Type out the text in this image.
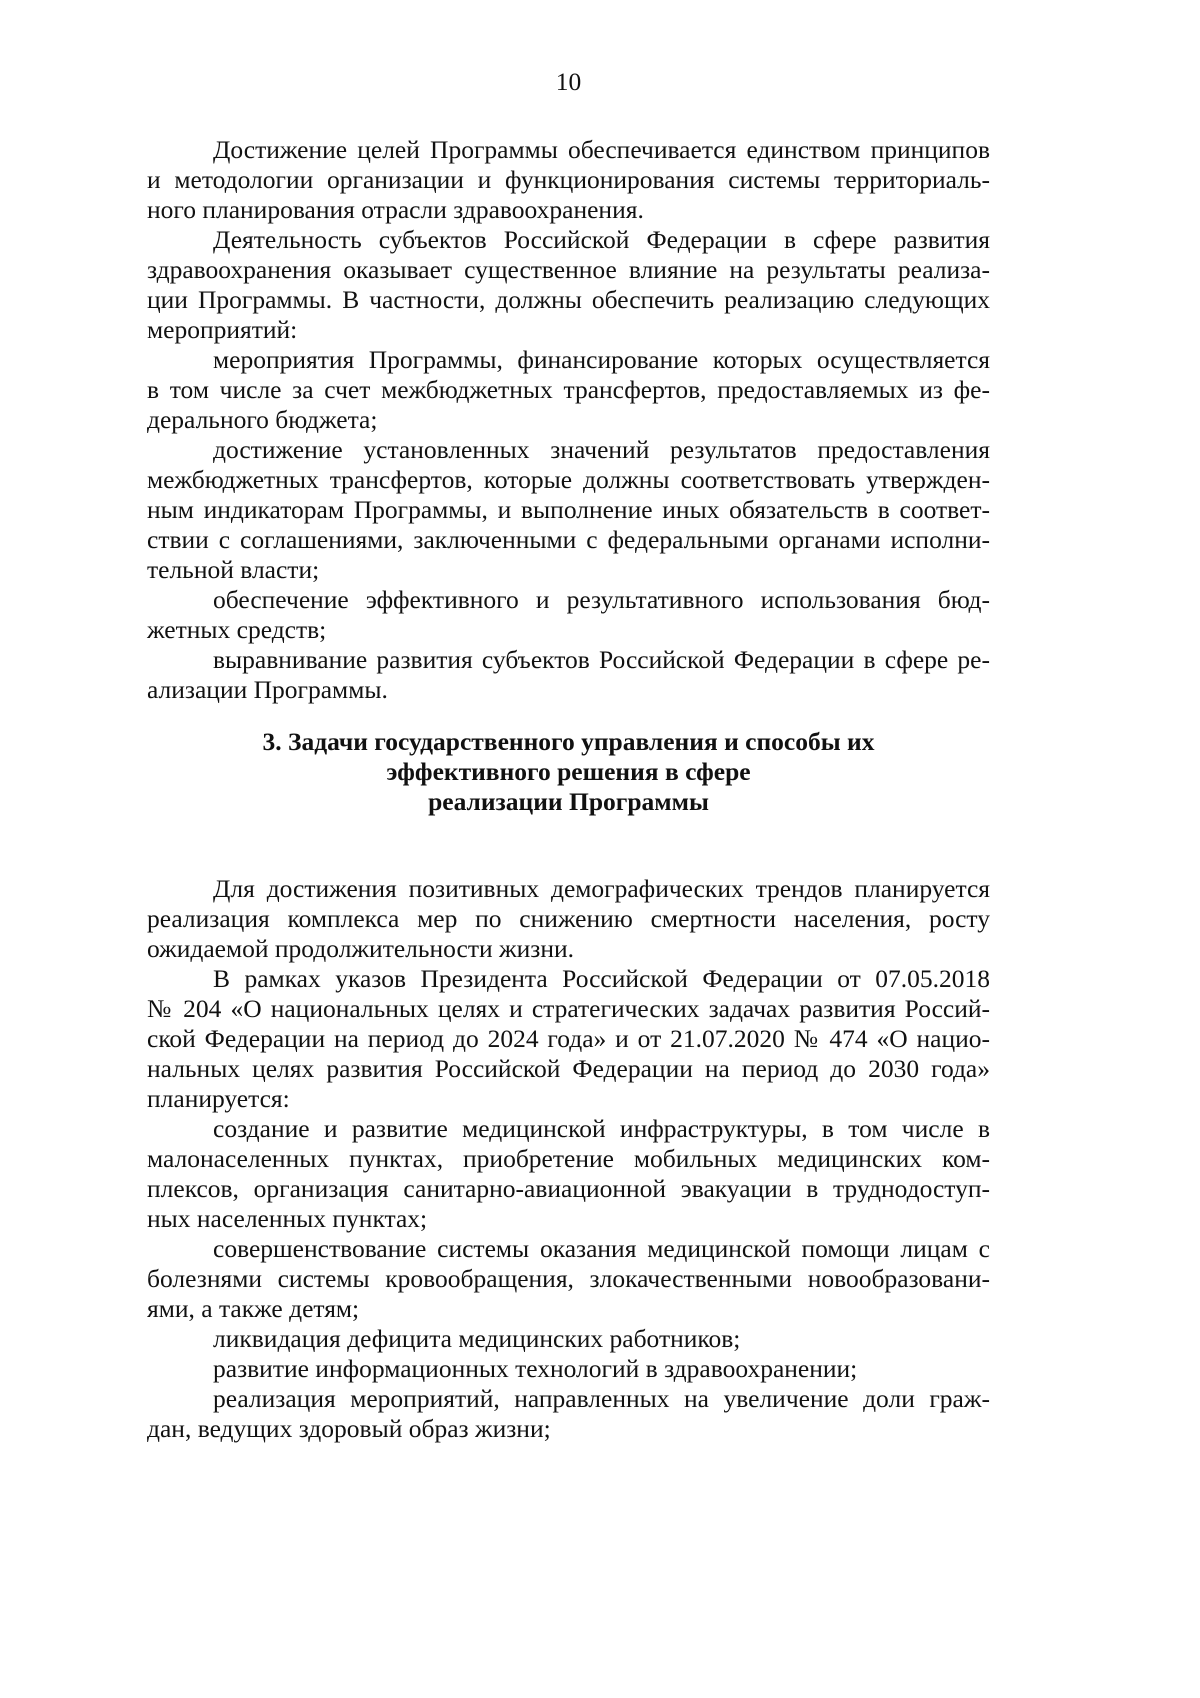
10
Достижение целей Программы обеспечивается единством принципов
и методологии организации и функционирования системы территориаль-
ного планирования отрасли здравоохранения.
Деятельность субъектов Российской Федерации в сфере развития
здравоохранения оказывает существенное влияние на результаты реализа-
ции Программы. В частности, должны обеспечить реализацию следующих
мероприятий:
мероприятия Программы, финансирование которых осуществляется
в том числе за счет межбюджетных трансфертов, предоставляемых из фе-
дерального бюджета;
достижение установленных значений результатов предоставления
межбюджетных трансфертов, которые должны соответствовать утвержден-
ным индикаторам Программы, и выполнение иных обязательств в соответ-
ствии с соглашениями, заключенными с федеральными органами исполни-
тельной власти;
обеспечение эффективного и результативного использования бюд-
жетных средств;
выравнивание развития субъектов Российской Федерации в сфере ре-
ализации Программы.
3. Задачи государственного управления и способы их
эффективного решения в сфере
реализации Программы
Для достижения позитивных демографических трендов планируется
реализация комплекса мер по снижению смертности населения, росту
ожидаемой продолжительности жизни.
В рамках указов Президента Российской Федерации от 07.05.2018
№ 204 «О национальных целях и стратегических задачах развития Россий-
ской Федерации на период до 2024 года» и от 21.07.2020 № 474 «О нацио-
нальных целях развития Российской Федерации на период до 2030 года»
планируется:
создание и развитие медицинской инфраструктуры, в том числе в
малонаселенных пунктах, приобретение мобильных медицинских ком-
плексов, организация санитарно-авиационной эвакуации в труднодоступ-
ных населенных пунктах;
совершенствование системы оказания медицинской помощи лицам с
болезнями системы кровообращения, злокачественными новообразовани-
ями, а также детям;
ликвидация дефицита медицинских работников;
развитие информационных технологий в здравоохранении;
реализация мероприятий, направленных на увеличение доли граж-
дан, ведущих здоровый образ жизни;
